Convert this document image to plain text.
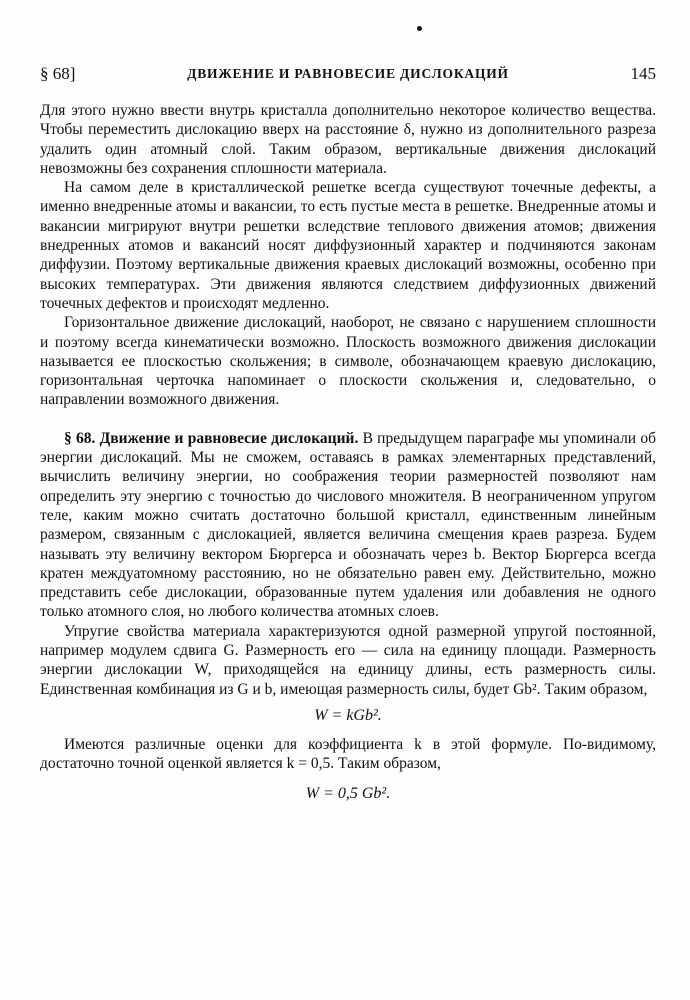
§ 68]	ДВИЖЕНИЕ И РАВНОВЕСИЕ ДИСЛОКАЦИЙ	145

Для этого нужно ввести внутрь кристалла дополнительно некоторое количество вещества. Чтобы переместить дислокацию вверх на расстояние δ, нужно из дополнительного разреза удалить один атомный слой. Таким образом, вертикальные движения дислокаций невозможны без сохранения сплошности материала.

На самом деле в кристаллической решетке всегда существуют точечные дефекты, а именно внедренные атомы и вакансии, то есть пустые места в решетке. Внедренные атомы и вакансии мигрируют внутри решетки вследствие теплового движения атомов; движения внедренных атомов и вакансий носят диффузионный характер и подчиняются законам диффузии. Поэтому вертикальные движения краевых дислокаций возможны, особенно при высоких температурах. Эти движения являются следствием диффузионных движений точечных дефектов и происходят медленно.

Горизонтальное движение дислокаций, наоборот, не связано с нарушением сплошности и поэтому всегда кинематически возможно. Плоскость возможного движения дислокации называется ее плоскостью скольжения; в символе, обозначающем краевую дислокацию, горизонтальная черточка напоминает о плоскости скольжения и, следовательно, о направлении возможного движения.

§ 68. Движение и равновесие дислокаций. В предыдущем параграфе мы упоминали об энергии дислокаций. Мы не сможем, оставаясь в рамках элементарных представлений, вычислить величину энергии, но соображения теории размерностей позволяют нам определить эту энергию с точностью до числового множителя. В неограниченном упругом теле, каким можно считать достаточно большой кристалл, единственным линейным размером, связанным с дислокацией, является величина смещения краев разреза. Будем называть эту величину вектором Бюргерса и обозначать через b. Вектор Бюргерса всегда кратен междуатомному расстоянию, но не обязательно равен ему. Действительно, можно представить себе дислокации, образованные путем удаления или добавления не одного только атомного слоя, но любого количества атомных слоев.

Упругие свойства материала характеризуются одной размерной упругой постоянной, например модулем сдвига G. Размерность его — сила на единицу площади. Размерность энергии дислокации W, приходящейся на единицу длины, есть размерность силы. Единственная комбинация из G и b, имеющая размерность силы, будет Gb². Таким образом,

W = kGb².

Имеются различные оценки для коэффициента k в этой формуле. По-видимому, достаточно точной оценкой является k = 0,5. Таким образом,

W = 0,5 Gb².
